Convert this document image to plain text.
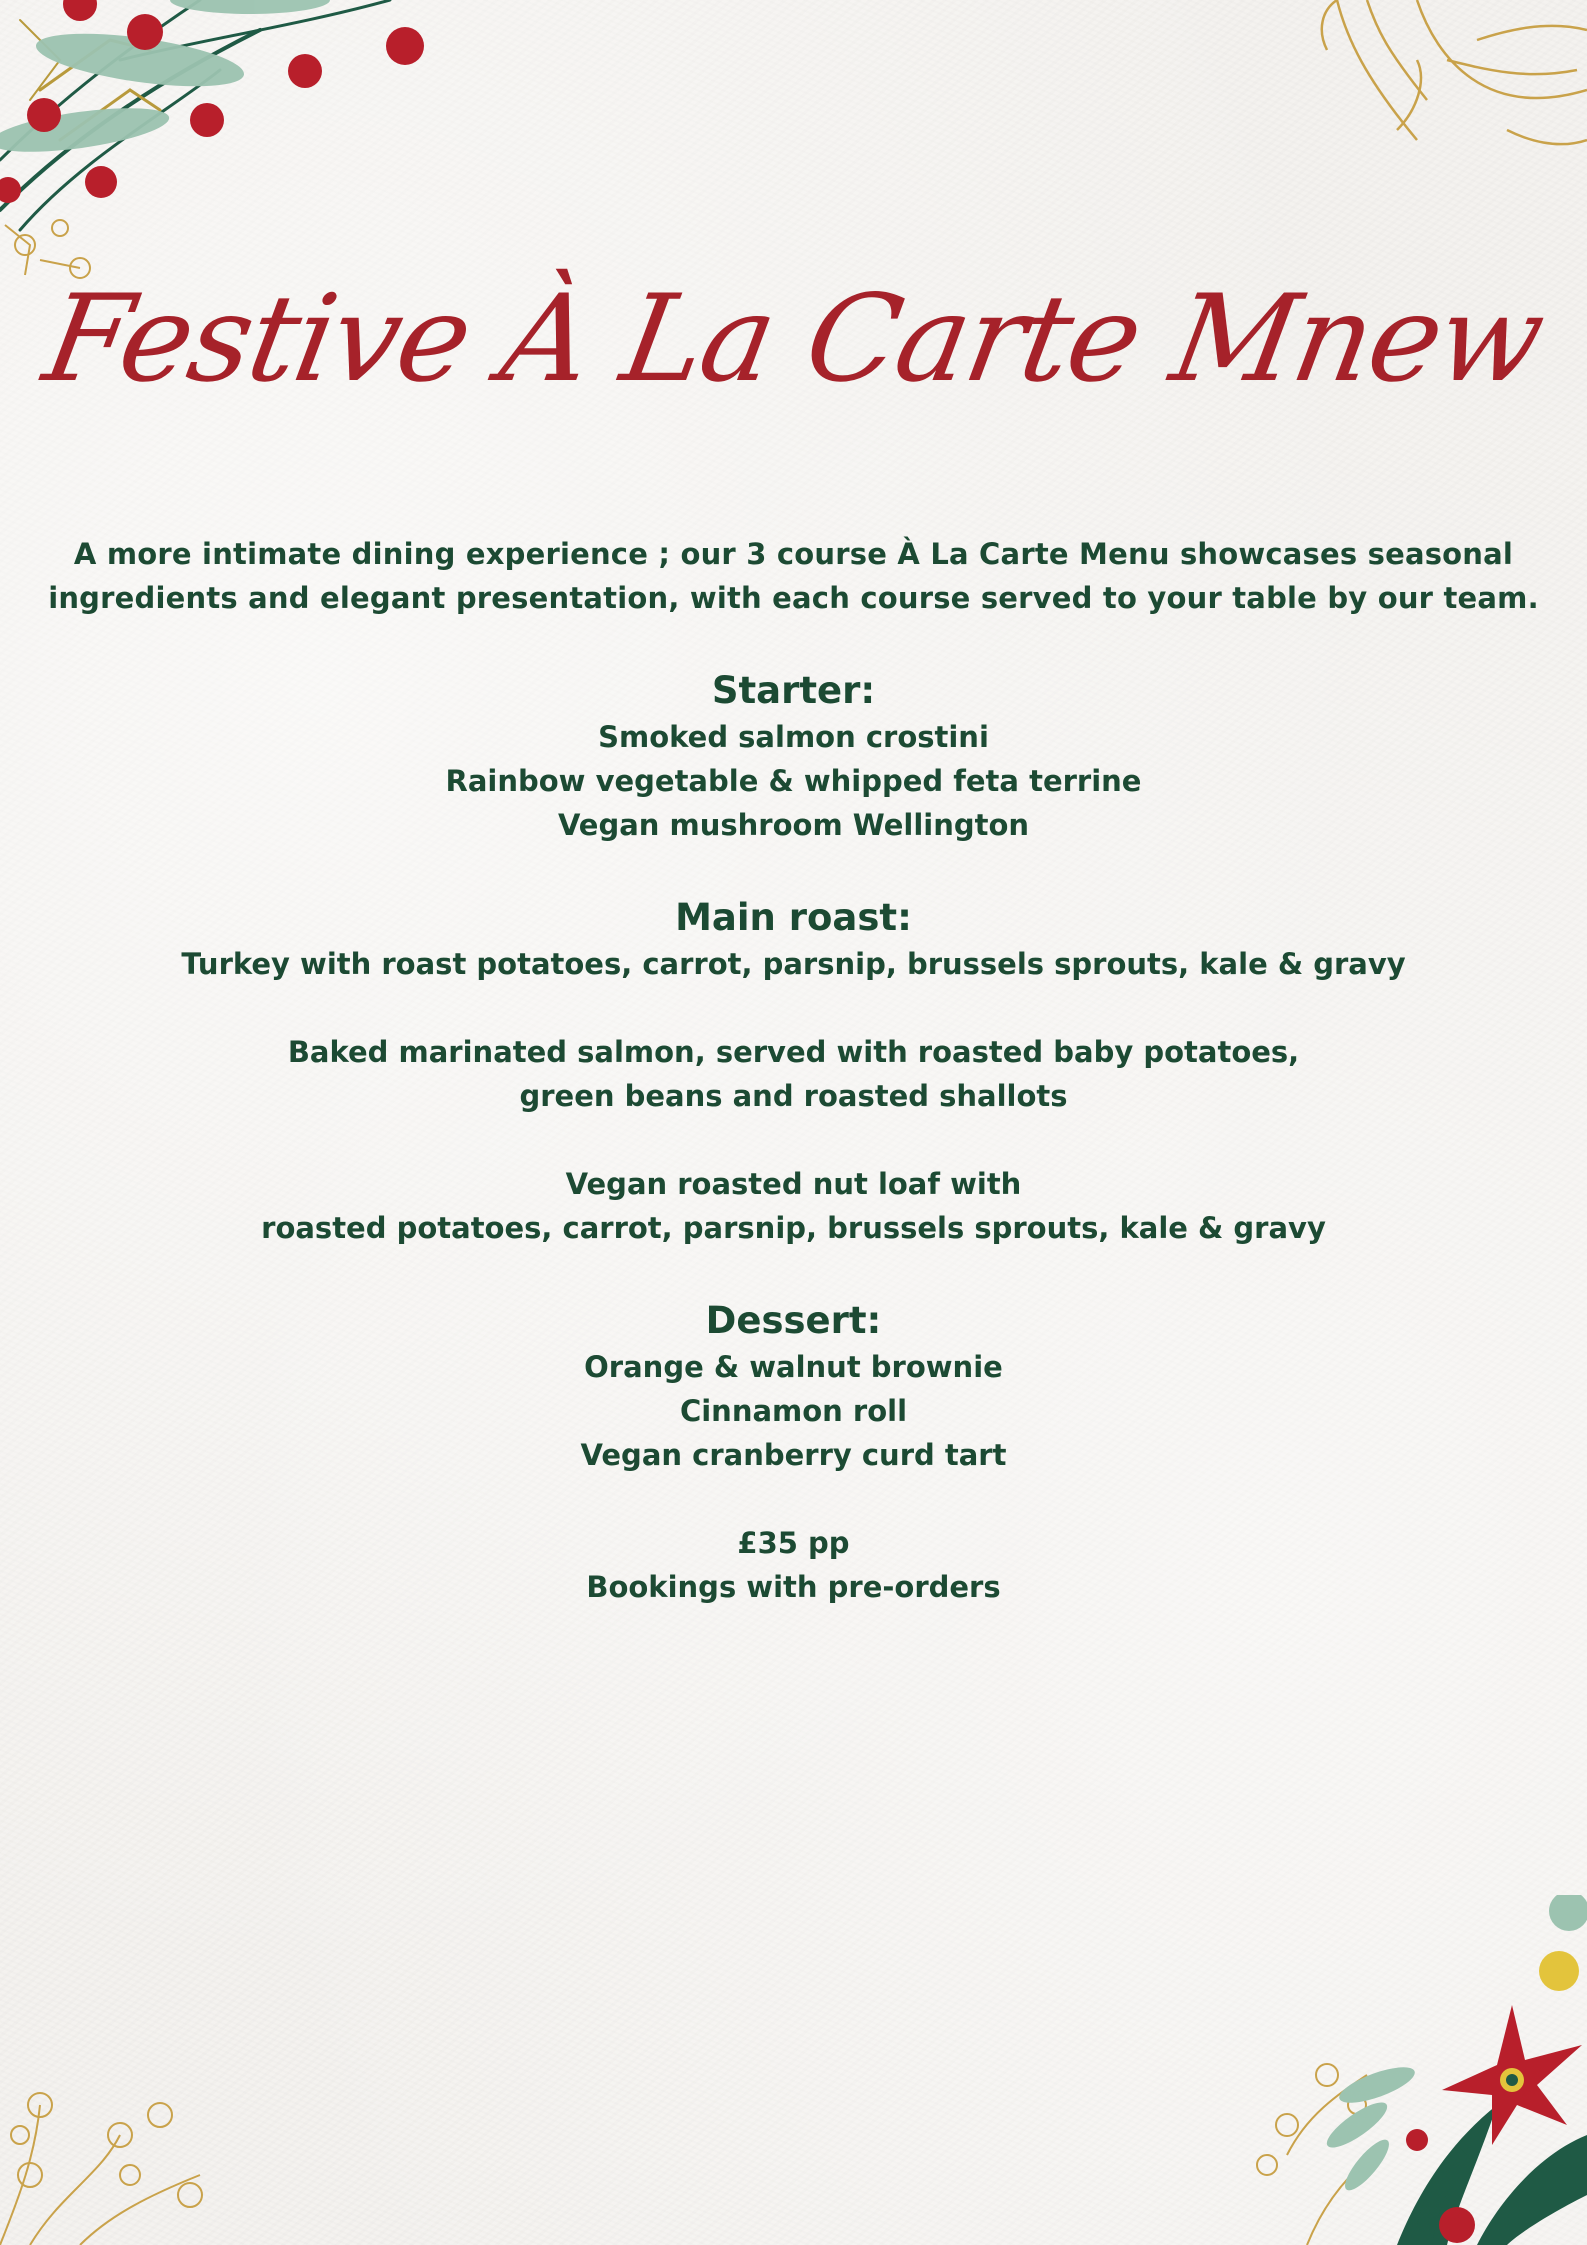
Festive À La Carte Mnew

A more intimate dining experience ; our 3 course À La Carte Menu showcases seasonal

ingredients and elegant presentation, with each course served to your table by our team.

Starter:

Smoked salmon crostini

Rainbow vegetable & whipped feta terrine

Vegan mushroom Wellington

Main roast:

Turkey with roast potatoes, carrot, parsnip, brussels sprouts, kale & gravy

Baked marinated salmon, served with roasted baby potatoes,

green beans and roasted shallots

Vegan roasted nut loaf with

roasted potatoes, carrot, parsnip, brussels sprouts, kale & gravy

Dessert:

Orange & walnut brownie

Cinnamon roll

Vegan cranberry curd tart

£35 pp

Bookings with pre-orders
